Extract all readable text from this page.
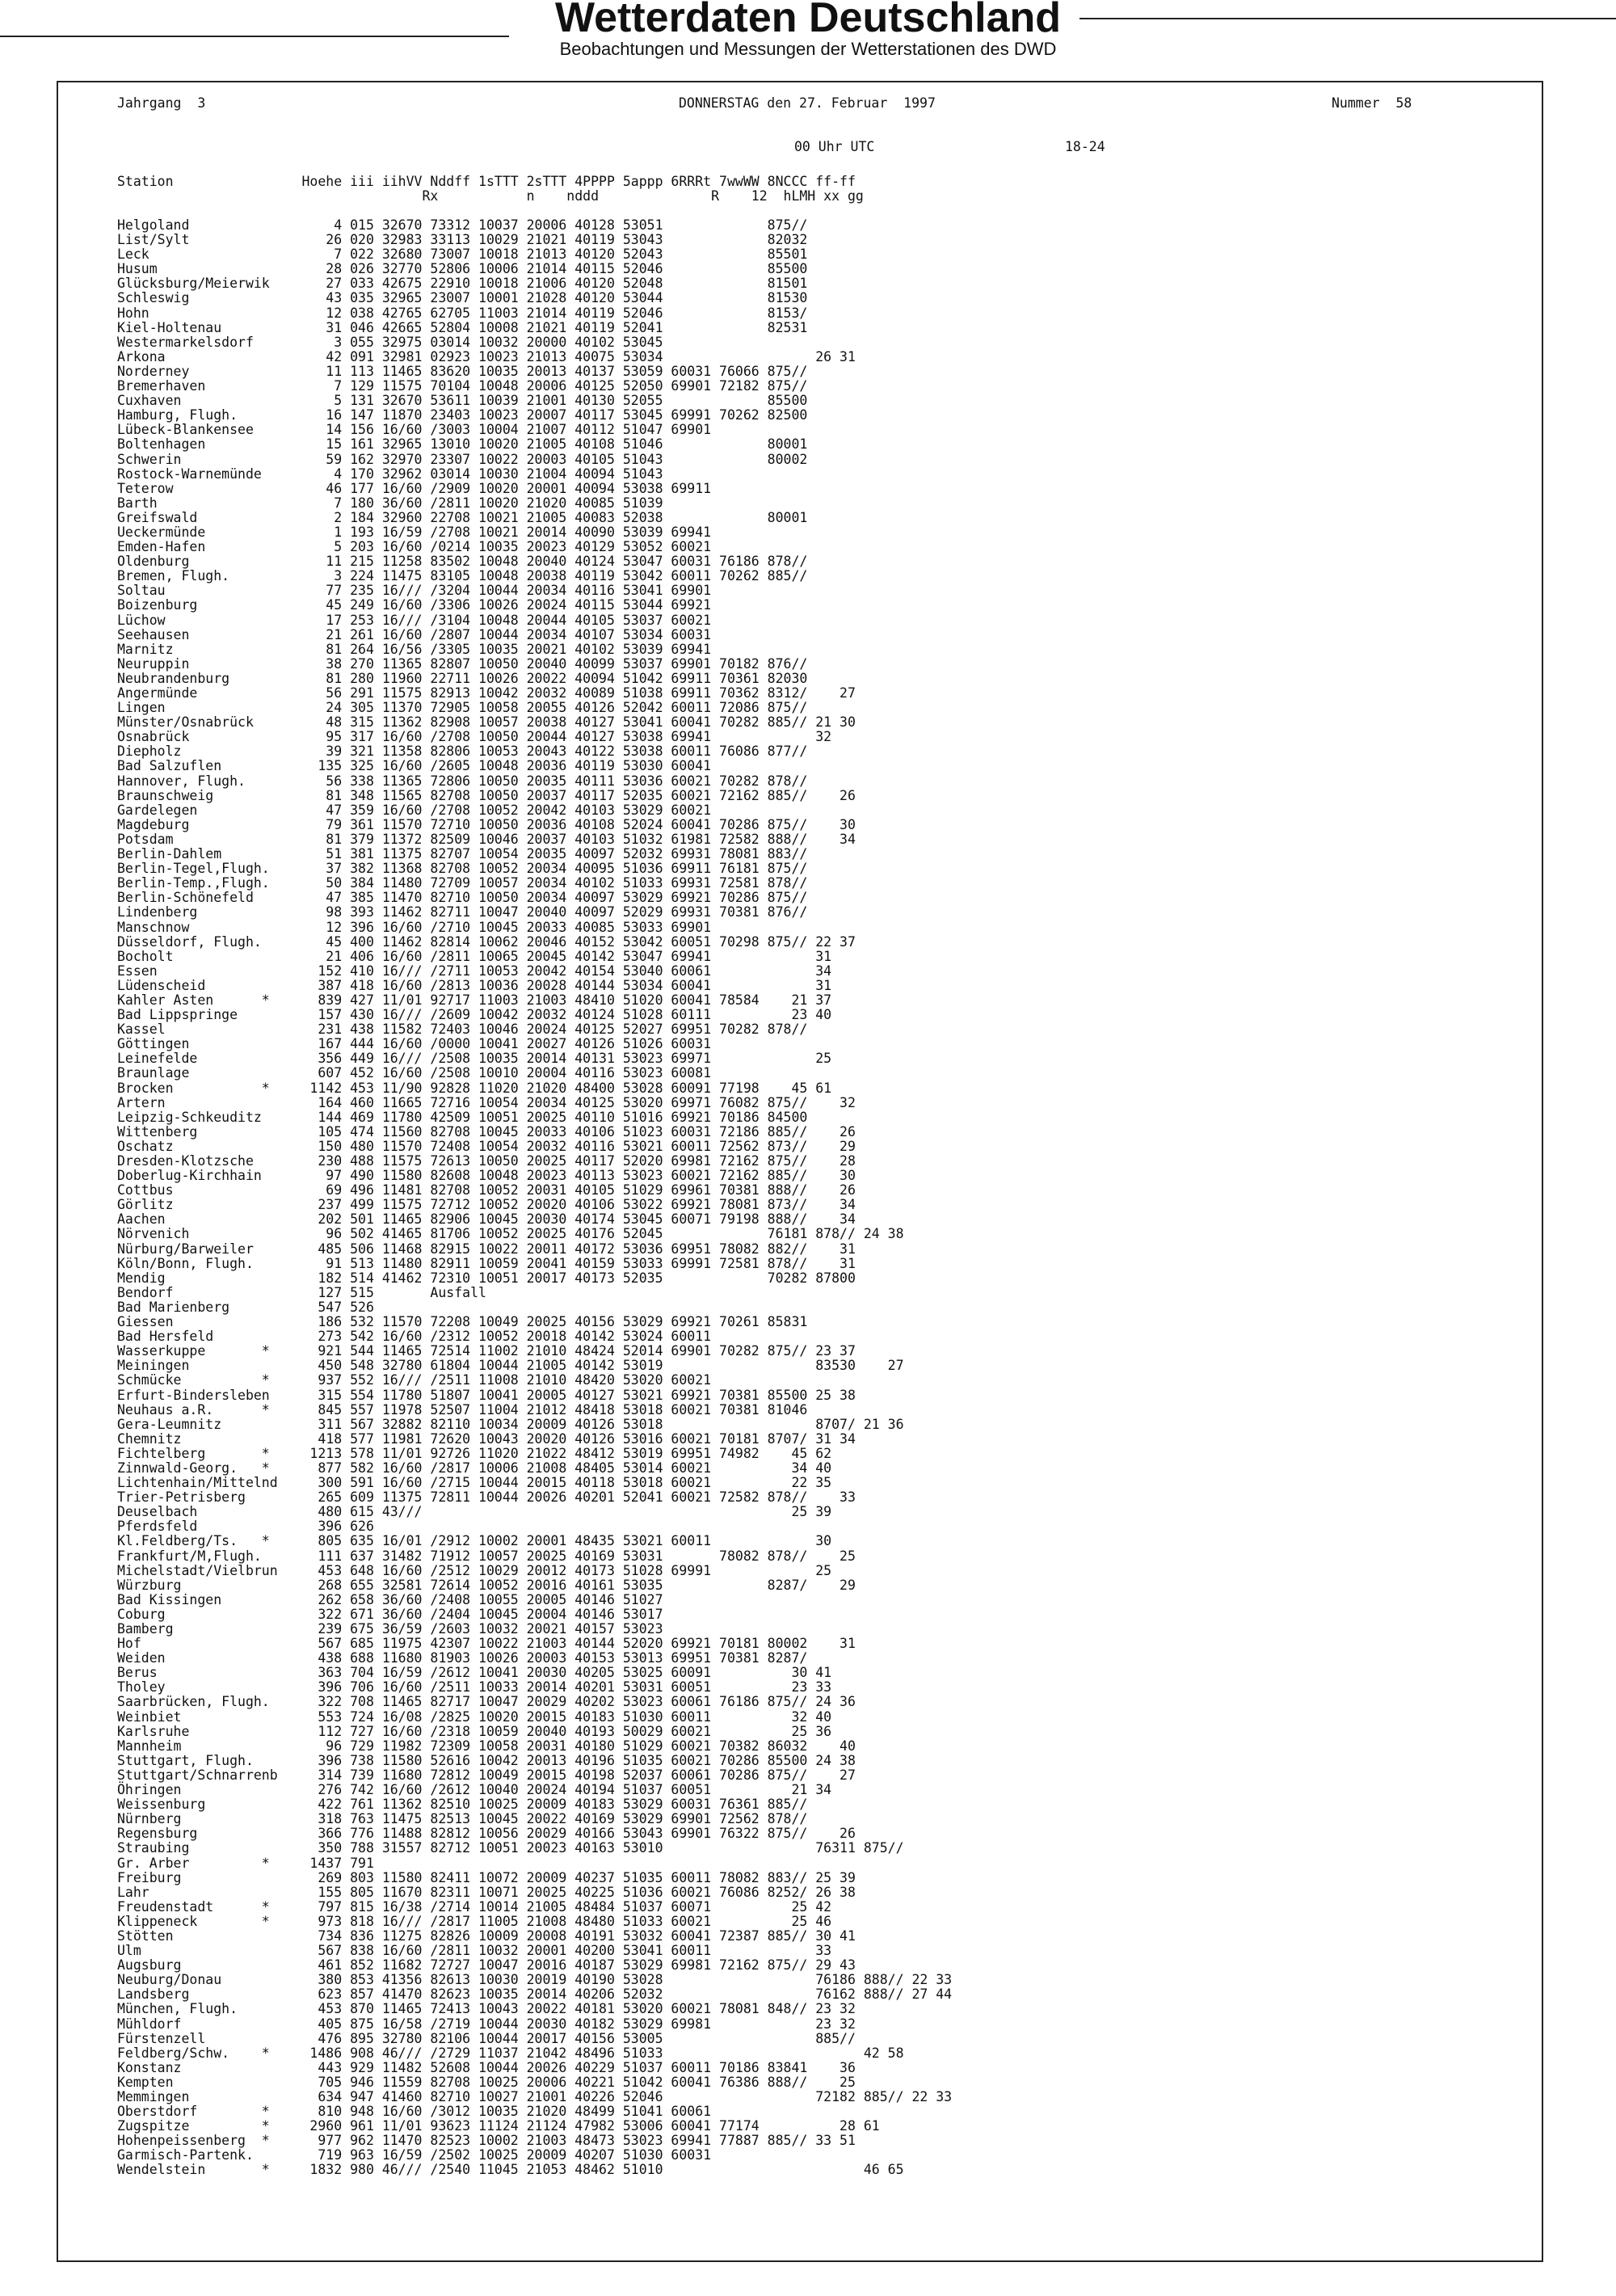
Wetterdaten Deutschland
Beobachtungen und Messungen der Wetterstationen des DWD
Jahrgang  3	DONNERSTAG den 27. Februar  1997	Nummer  58
00 Uhr UTC	18-24
Station                Hoehe iii iihVV Nddff 1sTTT 2sTTT 4PPPP 5appp 6RRRt 7wwWW 8NCCC ff-ff
Rx           n    nddd              R    12  hLMH xx gg
Helgoland                  4 015 32670 73312 10037 20006 40128 53051             875//
List/Sylt                 26 020 32983 33113 10029 21021 40119 53043             82032
Leck                       7 022 32680 73007 10018 21013 40120 52043             85501
Husum                     28 026 32770 52806 10006 21014 40115 52046             85500
Glücksburg/Meierwik       27 033 42675 22910 10018 21006 40120 52048             81501
Schleswig                 43 035 32965 23007 10001 21028 40120 53044             81530
Hohn                      12 038 42765 62705 11003 21014 40119 52046             8153/
Kiel-Holtenau             31 046 42665 52804 10008 21021 40119 52041             82531
Westermarkelsdorf          3 055 32975 03014 10032 20000 40102 53045
Arkona                    42 091 32981 02923 10023 21013 40075 53034                   26 31
Norderney                 11 113 11465 83620 10035 20013 40137 53059 60031 76066 875//
Bremerhaven                7 129 11575 70104 10048 20006 40125 52050 69901 72182 875//
Cuxhaven                   5 131 32670 53611 10039 21001 40130 52055             85500
Hamburg, Flugh.           16 147 11870 23403 10023 20007 40117 53045 69991 70262 82500
Lübeck-Blankensee         14 156 16/60 /3003 10004 21007 40112 51047 69901
Boltenhagen               15 161 32965 13010 10020 21005 40108 51046             80001
Schwerin                  59 162 32970 23307 10022 20003 40105 51043             80002
Rostock-Warnemünde         4 170 32962 03014 10030 21004 40094 51043
Teterow                   46 177 16/60 /2909 10020 20001 40094 53038 69911
Barth                      7 180 36/60 /2811 10020 21020 40085 51039
Greifswald                 2 184 32960 22708 10021 21005 40083 52038             80001
Ueckermünde                1 193 16/59 /2708 10021 20014 40090 53039 69941
Emden-Hafen                5 203 16/60 /0214 10035 20023 40129 53052 60021
Oldenburg                 11 215 11258 83502 10048 20040 40124 53047 60031 76186 878//
Bremen, Flugh.             3 224 11475 83105 10048 20038 40119 53042 60011 70262 885//
Soltau                    77 235 16/// /3204 10044 20034 40116 53041 69901
Boizenburg                45 249 16/60 /3306 10026 20024 40115 53044 69921
Lüchow                    17 253 16/// /3104 10048 20044 40105 53037 60021
Seehausen                 21 261 16/60 /2807 10044 20034 40107 53034 60031
Marnitz                   81 264 16/56 /3305 10035 20021 40102 53039 69941
Neuruppin                 38 270 11365 82807 10050 20040 40099 53037 69901 70182 876//
Neubrandenburg            81 280 11960 22711 10026 20022 40094 51042 69911 70361 82030
Angermünde                56 291 11575 82913 10042 20032 40089 51038 69911 70362 8312/    27
Lingen                    24 305 11370 72905 10058 20055 40126 52042 60011 72086 875//
Münster/Osnabrück         48 315 11362 82908 10057 20038 40127 53041 60041 70282 885// 21 30
Osnabrück                 95 317 16/60 /2708 10050 20044 40127 53038 69941             32
Diepholz                  39 321 11358 82806 10053 20043 40122 53038 60011 76086 877//
Bad Salzuflen            135 325 16/60 /2605 10048 20036 40119 53030 60041
Hannover, Flugh.          56 338 11365 72806 10050 20035 40111 53036 60021 70282 878//
Braunschweig              81 348 11565 82708 10050 20037 40117 52035 60021 72162 885//    26
Gardelegen                47 359 16/60 /2708 10052 20042 40103 53029 60021
Magdeburg                 79 361 11570 72710 10050 20036 40108 52024 60041 70286 875//    30
Potsdam                   81 379 11372 82509 10046 20037 40103 51032 61981 72582 888//    34
Berlin-Dahlem             51 381 11375 82707 10054 20035 40097 52032 69931 78081 883//
Berlin-Tegel,Flugh.       37 382 11368 82708 10052 20034 40095 51036 69911 76181 875//
Berlin-Temp.,Flugh.       50 384 11480 72709 10057 20034 40102 51033 69931 72581 878//
Berlin-Schönefeld         47 385 11470 82710 10050 20034 40097 53029 69921 70286 875//
Lindenberg                98 393 11462 82711 10047 20040 40097 52029 69931 70381 876//
Manschnow                 12 396 16/60 /2710 10045 20033 40085 53033 69901
Düsseldorf, Flugh.        45 400 11462 82814 10062 20046 40152 53042 60051 70298 875// 22 37
Bocholt                   21 406 16/60 /2811 10065 20045 40142 53047 69941             31
Essen                    152 410 16/// /2711 10053 20042 40154 53040 60061             34
Lüdenscheid              387 418 16/60 /2813 10036 20028 40144 53034 60041             31
Kahler Asten      *      839 427 11/01 92717 11003 21003 48410 51020 60041 78584    21 37
Bad Lippspringe          157 430 16/// /2609 10042 20032 40124 51028 60111          23 40
Kassel                   231 438 11582 72403 10046 20024 40125 52027 69951 70282 878//
Göttingen                167 444 16/60 /0000 10041 20027 40126 51026 60031
Leinefelde               356 449 16/// /2508 10035 20014 40131 53023 69971             25
Braunlage                607 452 16/60 /2508 10010 20004 40116 53023 60081
Brocken           *     1142 453 11/90 92828 11020 21020 48400 53028 60091 77198    45 61
Artern                   164 460 11665 72716 10054 20034 40125 53020 69971 76082 875//    32
Leipzig-Schkeuditz       144 469 11780 42509 10051 20025 40110 51016 69921 70186 84500
Wittenberg               105 474 11560 82708 10045 20033 40106 51023 60031 72186 885//    26
Oschatz                  150 480 11570 72408 10054 20032 40116 53021 60011 72562 873//    29
Dresden-Klotzsche        230 488 11575 72613 10050 20025 40117 52020 69981 72162 875//    28
Doberlug-Kirchhain        97 490 11580 82608 10048 20023 40113 53023 60021 72162 885//    30
Cottbus                   69 496 11481 82708 10052 20031 40105 51029 69961 70381 888//    26
Görlitz                  237 499 11575 72712 10052 20020 40106 53022 69921 78081 873//    34
Aachen                   202 501 11465 82906 10045 20030 40174 53045 60071 79198 888//    34
Nörvenich                 96 502 41465 81706 10052 20025 40176 52045             76181 878// 24 38
Nürburg/Barweiler        485 506 11468 82915 10022 20011 40172 53036 69951 78082 882//    31
Köln/Bonn, Flugh.         91 513 11480 82911 10059 20041 40159 53033 69991 72581 878//    31
Mendig                   182 514 41462 72310 10051 20017 40173 52035             70282 87800
Bendorf                  127 515       Ausfall
Bad Marienberg           547 526
Giessen                  186 532 11570 72208 10049 20025 40156 53029 69921 70261 85831
Bad Hersfeld             273 542 16/60 /2312 10052 20018 40142 53024 60011
Wasserkuppe       *      921 544 11465 72514 11002 21010 48424 52014 69901 70282 875// 23 37
Meiningen                450 548 32780 61804 10044 21005 40142 53019                   83530    27
Schmücke          *      937 552 16/// /2511 11008 21010 48420 53020 60021
Erfurt-Bindersleben      315 554 11780 51807 10041 20005 40127 53021 69921 70381 85500 25 38
Neuhaus a.R.      *      845 557 11978 52507 11004 21012 48418 53018 60021 70381 81046
Gera-Leumnitz            311 567 32882 82110 10034 20009 40126 53018                   8707/ 21 36
Chemnitz                 418 577 11981 72620 10043 20020 40126 53016 60021 70181 8707/ 31 34
Fichtelberg       *     1213 578 11/01 92726 11020 21022 48412 53019 69951 74982    45 62
Zinnwald-Georg.   *      877 582 16/60 /2817 10006 21008 48405 53014 60021          34 40
Lichtenhain/Mittelnd     300 591 16/60 /2715 10044 20015 40118 53018 60021          22 35
Trier-Petrisberg         265 609 11375 72811 10044 20026 40201 52041 60021 72582 878//    33
Deuselbach               480 615 43///                                              25 39
Pferdsfeld               396 626
Kl.Feldberg/Ts.   *      805 635 16/01 /2912 10002 20001 48435 53021 60011             30
Frankfurt/M,Flugh.       111 637 31482 71912 10057 20025 40169 53031       78082 878//    25
Michelstadt/Vielbrun     453 648 16/60 /2512 10029 20012 40173 51028 69991             25
Würzburg                 268 655 32581 72614 10052 20016 40161 53035             8287/    29
Bad Kissingen            262 658 36/60 /2408 10055 20005 40146 51027
Coburg                   322 671 36/60 /2404 10045 20004 40146 53017
Bamberg                  239 675 36/59 /2603 10032 20021 40157 53023
Hof                      567 685 11975 42307 10022 21003 40144 52020 69921 70181 80002    31
Weiden                   438 688 11680 81903 10026 20003 40153 53013 69951 70381 8287/
Berus                    363 704 16/59 /2612 10041 20030 40205 53025 60091          30 41
Tholey                   396 706 16/60 /2511 10033 20014 40201 53031 60051          23 33
Saarbrücken, Flugh.      322 708 11465 82717 10047 20029 40202 53023 60061 76186 875// 24 36
Weinbiet                 553 724 16/08 /2825 10020 20015 40183 51030 60011          32 40
Karlsruhe                112 727 16/60 /2318 10059 20040 40193 50029 60021          25 36
Mannheim                  96 729 11982 72309 10058 20031 40180 51029 60021 70382 86032    40
Stuttgart, Flugh.        396 738 11580 52616 10042 20013 40196 51035 60021 70286 85500 24 38
Stuttgart/Schnarrenb     314 739 11680 72812 10049 20015 40198 52037 60061 70286 875//    27
Öhringen                 276 742 16/60 /2612 10040 20024 40194 51037 60051          21 34
Weissenburg              422 761 11362 82510 10025 20009 40183 53029 60031 76361 885//
Nürnberg                 318 763 11475 82513 10045 20022 40169 53029 69901 72562 878//
Regensburg               366 776 11488 82812 10056 20029 40166 53043 69901 76322 875//    26
Straubing                350 788 31557 82712 10051 20023 40163 53010                   76311 875//
Gr. Arber         *     1437 791
Freiburg                 269 803 11580 82411 10072 20009 40237 51035 60011 78082 883// 25 39
Lahr                     155 805 11670 82311 10071 20025 40225 51036 60021 76086 8252/ 26 38
Freudenstadt      *      797 815 16/38 /2714 10014 21005 48484 51037 60071          25 42
Klippeneck        *      973 818 16/// /2817 11005 21008 48480 51033 60021          25 46
Stötten                  734 836 11275 82826 10009 20008 40191 53032 60041 72387 885// 30 41
Ulm                      567 838 16/60 /2811 10032 20001 40200 53041 60011             33
Augsburg                 461 852 11682 72727 10047 20016 40187 53029 69981 72162 875// 29 43
Neuburg/Donau            380 853 41356 82613 10030 20019 40190 53028                   76186 888// 22 33
Landsberg                623 857 41470 82623 10035 20014 40206 52032                   76162 888// 27 44
München, Flugh.          453 870 11465 72413 10043 20022 40181 53020 60021 78081 848// 23 32
Mühldorf                 405 875 16/58 /2719 10044 20030 40182 53029 69981             23 32
Fürstenzell              476 895 32780 82106 10044 20017 40156 53005                   885//
Feldberg/Schw.    *     1486 908 46/// /2729 11037 21042 48496 51033                         42 58
Konstanz                 443 929 11482 52608 10044 20026 40229 51037 60011 70186 83841    36
Kempten                  705 946 11559 82708 10025 20006 40221 51042 60041 76386 888//    25
Memmingen                634 947 41460 82710 10027 21001 40226 52046                   72182 885// 22 33
Oberstdorf        *      810 948 16/60 /3012 10035 21020 48499 51041 60061
Zugspitze         *     2960 961 11/01 93623 11124 21124 47982 53006 60041 77174          28 61
Hohenpeissenberg  *      977 962 11470 82523 10002 21003 48473 53023 69941 77887 885// 33 51
Garmisch-Partenk.        719 963 16/59 /2502 10025 20009 40207 51030 60031
Wendelstein       *     1832 980 46/// /2540 11045 21053 48462 51010                         46 65
